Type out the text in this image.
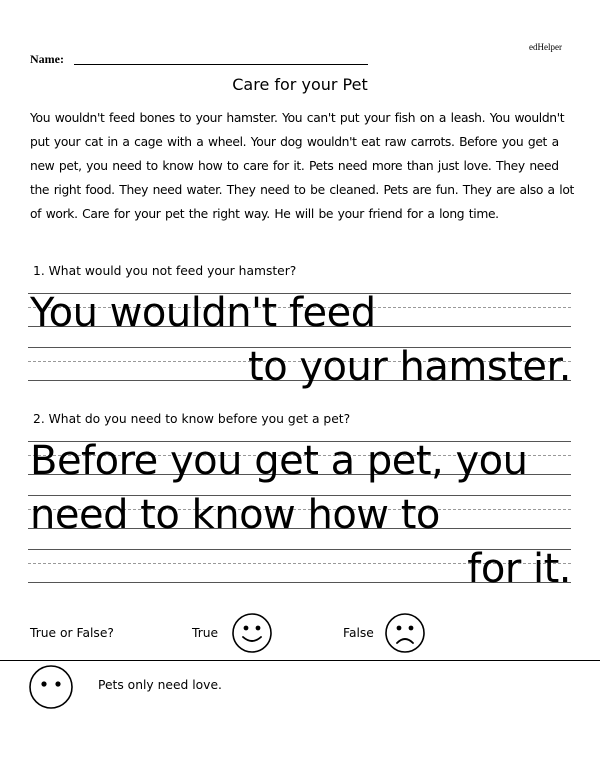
edHelper
Name:
Care for your Pet
You wouldn't feed bones to your hamster. You can't put your fish on a leash. You wouldn't put your cat in a cage with a wheel. Your dog wouldn't eat raw carrots. Before you get a new pet, you need to know how to care for it. Pets need more than just love. They need the right food. They need water. They need to be cleaned. Pets are fun. They are also a lot of work. Care for your pet the right way. He will be your friend for a long time.
1. What would you not feed your hamster?
You wouldn't feed
to your hamster.
2. What do you need to know before you get a pet?
Before you get a pet, you
need to know how to
for it.
True or False?	True	False
Pets only need love.
